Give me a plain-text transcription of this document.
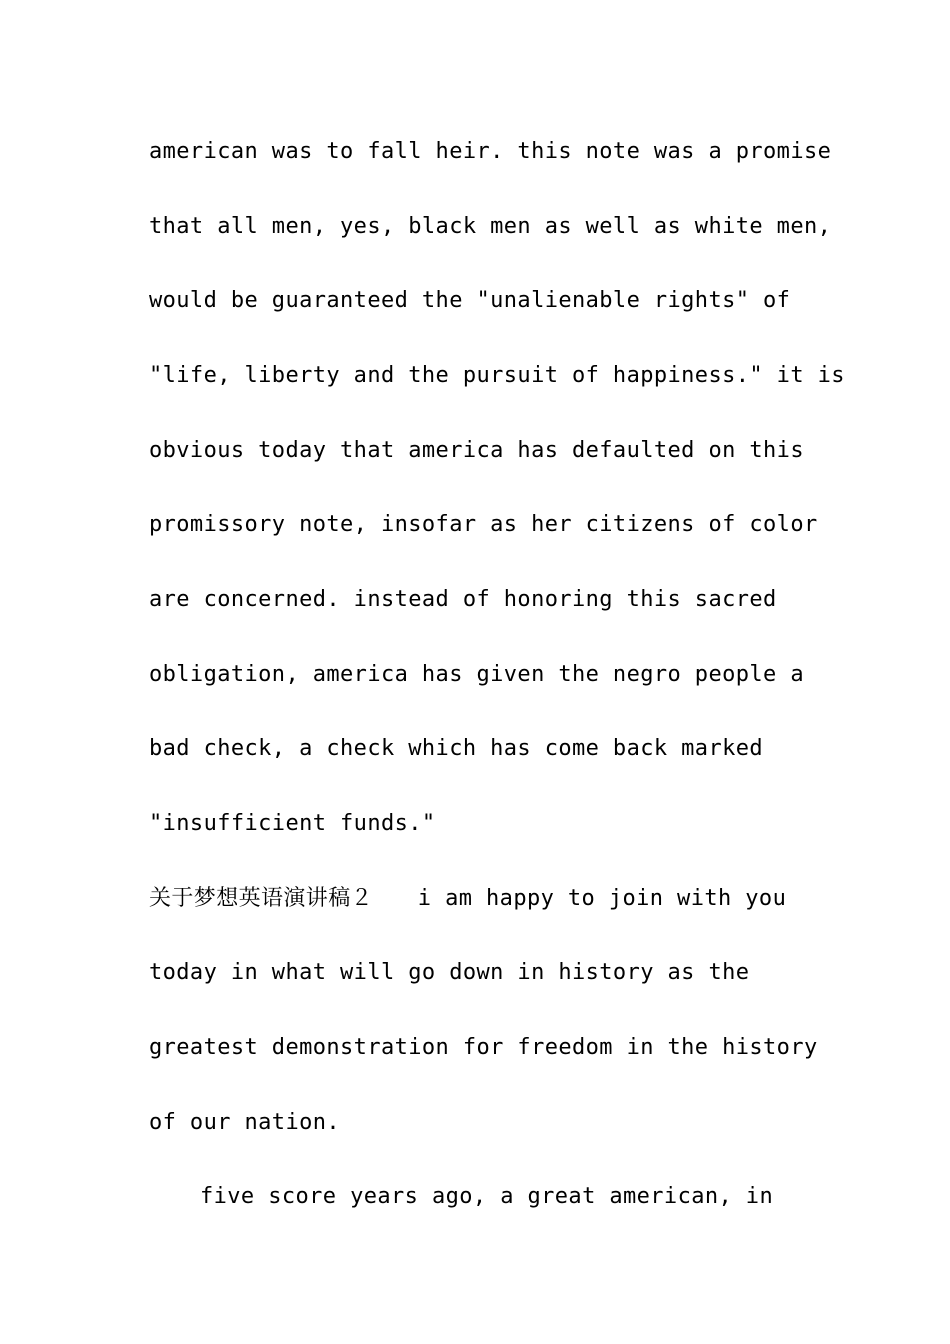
american was to fall heir. this note was a promise
that all men, yes, black men as well as white men,
would be guaranteed the "unalienable rights" of
"life, liberty and the pursuit of happiness." it is
obvious today that america has defaulted on this
promissory note, insofar as her citizens of color
are concerned. instead of honoring this sacred
obligation, america has given the negro people a
bad check, a check which has come back marked
"insufficient funds."
关于梦想英语演讲稿２　　i am happy to join with you
today in what will go down in history as the
greatest demonstration for freedom in the history
of our nation.
five score years ago, a great american, in
